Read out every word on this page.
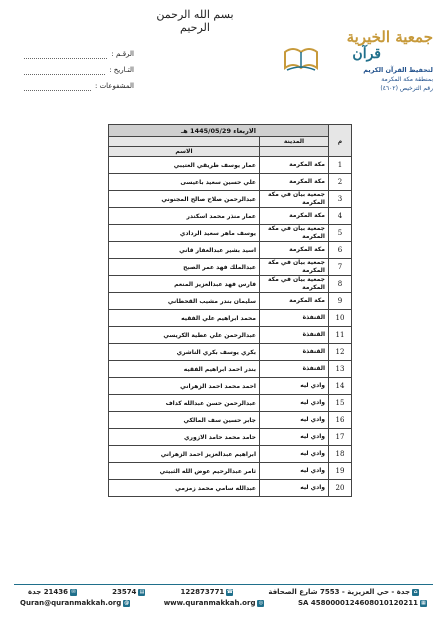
بسم الله الرحمن الرحيم
جمعية الخيرية
قرآن
لتحفيظ القرآن الكريم
بمنطقة مكة المكرمة
رقم الترخيص (٤٦٠٢)
الرقـم :
التـاريخ :
المشفوعات :
م	الاربعاء 1445/05/29 هـ	
	المدينة	
		الاسم
1	مكة المكرمة	عمار يوسف طريقي العتيبي
2	مكة المكرمة	علي حسين سعيد باعيسى
3	جمعية بيان في مكة المكرمة	عبدالرحمن صلاح صالح المجنوني
4	مكة المكرمة	عمار منذر محمد اسكندر
5	جمعية بيان في مكة المكرمة	يوسف ماهر سعيد الردادي
6	مكة المكرمة	اسيد بشير عبدالغفار قاني
7	جمعية بيان في مكة المكرمة	عبدالملك فهد عمر الصبح
8	جمعية بيان في مكة المكرمة	فارس فهد عبدالعزيز المنعم
9	مكة المكرمة	سليمان بندر مشيب القحطاني
10	القنفذة	محمد ابراهيم علي الفقيه
11	القنفذة	عبدالرحمن علي عطية الكريسي
12	القنفذة	بكري يوسف بكري الناشري
13	القنفذة	بندر احمد ابراهيم الفقيه
14	وادي ليه	احمد محمد احمد الزهراني
15	وادي ليه	عبدالرحمن حسن عبدالله كداف
16	وادي ليه	جابر حسين سف المالكي
17	وادي ليه	حامد محمد حامد الازوري
18	وادي ليه	ابراهيم عبدالعزيز احمد الزهراني
19	وادي ليه	ثامر عبدالرحيم عوض الله الثبيتي
20	وادي ليه	عبدالله سامي محمد زمزمي
⌂
جدة - حي العزيزية - 7553 شارع الصحافة
☎
122873771
▤
23574
✉
21436 جدة
▦
SA 4580000124608010120211
◎
www.quranmakkah.org
@
Quran@quranmakkah.org
